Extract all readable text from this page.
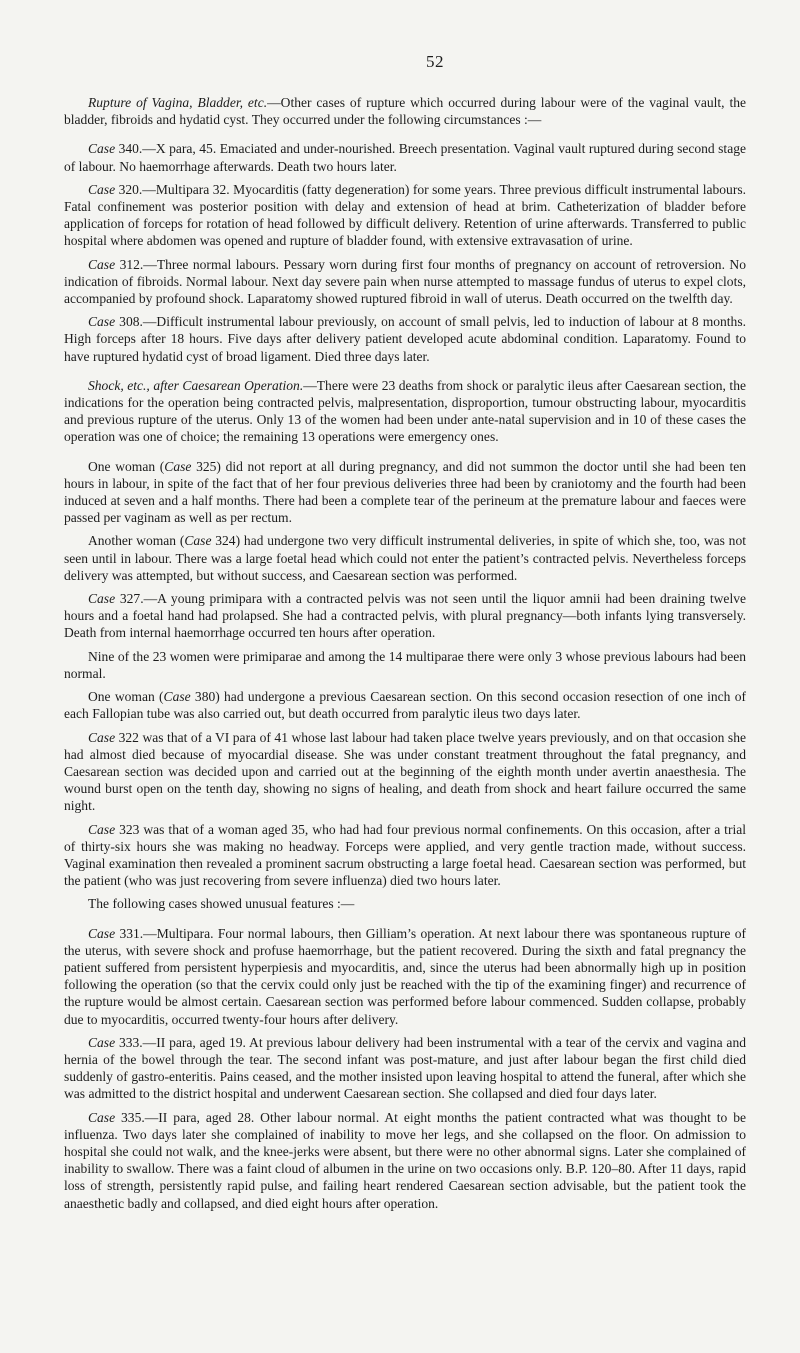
52

Rupture of Vagina, Bladder, etc.—Other cases of rupture which occurred during labour were of the vaginal vault, the bladder, fibroids and hydatid cyst. They occurred under the following circumstances :—

Case 340.—X para, 45. Emaciated and under-nourished. Breech presentation. Vaginal vault ruptured during second stage of labour. No haemorrhage afterwards. Death two hours later.

Case 320.—Multipara 32. Myocarditis (fatty degeneration) for some years. Three previous difficult instrumental labours. Fatal confinement was posterior position with delay and extension of head at brim. Catheterization of bladder before application of forceps for rotation of head followed by difficult delivery. Retention of urine afterwards. Transferred to public hospital where abdomen was opened and rupture of bladder found, with extensive extravasation of urine.

Case 312.—Three normal labours. Pessary worn during first four months of pregnancy on account of retroversion. No indication of fibroids. Normal labour. Next day severe pain when nurse attempted to massage fundus of uterus to expel clots, accompanied by profound shock. Laparatomy showed ruptured fibroid in wall of uterus. Death occurred on the twelfth day.

Case 308.—Difficult instrumental labour previously, on account of small pelvis, led to induction of labour at 8 months. High forceps after 18 hours. Five days after delivery patient developed acute abdominal condition. Laparatomy. Found to have ruptured hydatid cyst of broad ligament. Died three days later.

Shock, etc., after Caesarean Operation.—There were 23 deaths from shock or paralytic ileus after Caesarean section, the indications for the operation being contracted pelvis, malpresentation, disproportion, tumour obstructing labour, myocarditis and previous rupture of the uterus. Only 13 of the women had been under ante-natal supervision and in 10 of these cases the operation was one of choice; the remaining 13 operations were emergency ones.

One woman (Case 325) did not report at all during pregnancy, and did not summon the doctor until she had been ten hours in labour, in spite of the fact that of her four previous deliveries three had been by craniotomy and the fourth had been induced at seven and a half months. There had been a complete tear of the perineum at the premature labour and faeces were passed per vaginam as well as per rectum.

Another woman (Case 324) had undergone two very difficult instrumental deliveries, in spite of which she, too, was not seen until in labour. There was a large foetal head which could not enter the patient’s contracted pelvis. Nevertheless forceps delivery was attempted, but without success, and Caesarean section was performed.

Case 327.—A young primipara with a contracted pelvis was not seen until the liquor amnii had been draining twelve hours and a foetal hand had prolapsed. She had a contracted pelvis, with plural pregnancy—both infants lying transversely. Death from internal haemorrhage occurred ten hours after operation.

Nine of the 23 women were primiparae and among the 14 multiparae there were only 3 whose previous labours had been normal.

One woman (Case 380) had undergone a previous Caesarean section. On this second occasion resection of one inch of each Fallopian tube was also carried out, but death occurred from paralytic ileus two days later.

Case 322 was that of a VI para of 41 whose last labour had taken place twelve years previously, and on that occasion she had almost died because of myocardial disease. She was under constant treatment throughout the fatal pregnancy, and Caesarean section was decided upon and carried out at the beginning of the eighth month under avertin anaesthesia. The wound burst open on the tenth day, showing no signs of healing, and death from shock and heart failure occurred the same night.

Case 323 was that of a woman aged 35, who had had four previous normal confinements. On this occasion, after a trial of thirty-six hours she was making no headway. Forceps were applied, and very gentle traction made, without success. Vaginal examination then revealed a prominent sacrum obstructing a large foetal head. Caesarean section was performed, but the patient (who was just recovering from severe influenza) died two hours later.

The following cases showed unusual features :—

Case 331.—Multipara. Four normal labours, then Gilliam’s operation. At next labour there was spontaneous rupture of the uterus, with severe shock and profuse haemorrhage, but the patient recovered. During the sixth and fatal pregnancy the patient suffered from persistent hyperpiesis and myocarditis, and, since the uterus had been abnormally high up in position following the operation (so that the cervix could only just be reached with the tip of the examining finger) and recurrence of the rupture would be almost certain. Caesarean section was performed before labour commenced. Sudden collapse, probably due to myocarditis, occurred twenty-four hours after delivery.

Case 333.—II para, aged 19. At previous labour delivery had been instrumental with a tear of the cervix and vagina and hernia of the bowel through the tear. The second infant was post-mature, and just after labour began the first child died suddenly of gastro-enteritis. Pains ceased, and the mother insisted upon leaving hospital to attend the funeral, after which she was admitted to the district hospital and underwent Caesarean section. She collapsed and died four days later.

Case 335.—II para, aged 28. Other labour normal. At eight months the patient contracted what was thought to be influenza. Two days later she complained of inability to move her legs, and she collapsed on the floor. On admission to hospital she could not walk, and the knee-jerks were absent, but there were no other abnormal signs. Later she complained of inability to swallow. There was a faint cloud of albumen in the urine on two occasions only. B.P. 120–80. After 11 days, rapid loss of strength, persistently rapid pulse, and failing heart rendered Caesarean section advisable, but the patient took the anaesthetic badly and collapsed, and died eight hours after operation.
